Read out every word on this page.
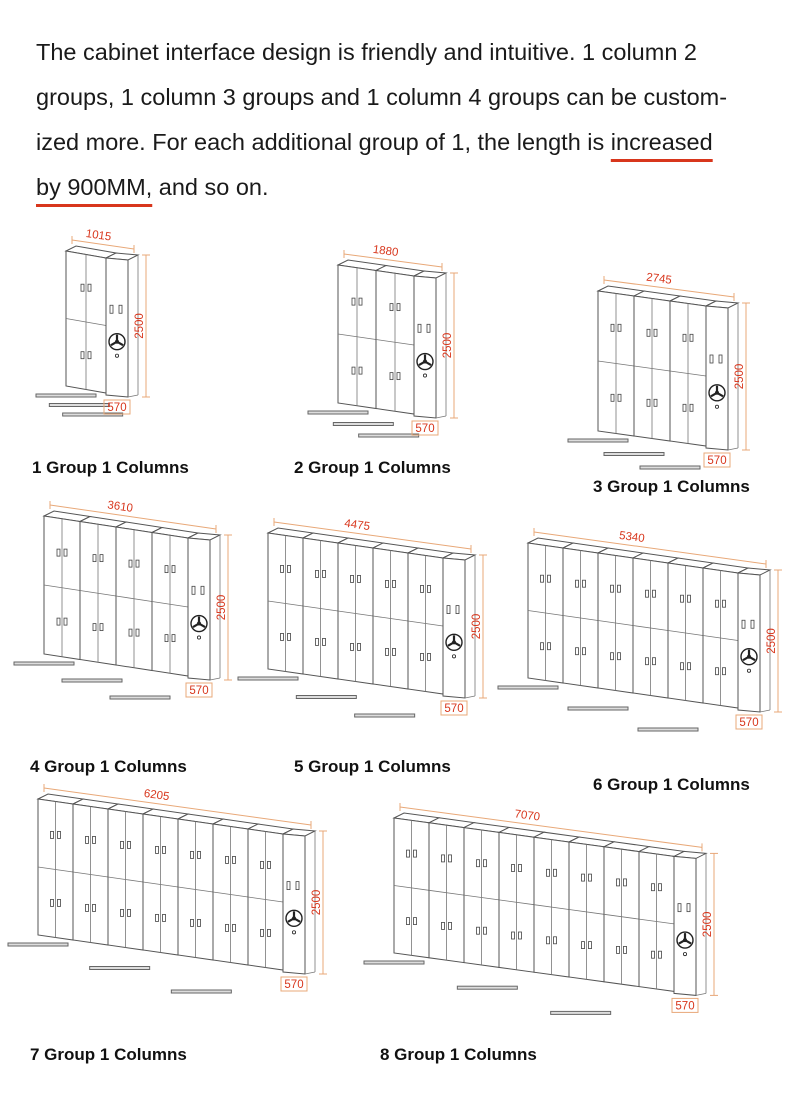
The cabinet interface design is friendly and intuitive. 1 column 2
groups, 1 column 3 groups and 1 column 4 groups can be custom-
ized more. For each additional group of 1, the length is increased
by 900MM, and so on.

1015
2500
570
1 Group 1 Columns
1880
2500
570
2 Group 1 Columns
2745
2500
570
3 Group 1 Columns
3610
2500
570
4 Group 1 Columns
4475
2500
570
5 Group 1 Columns
5340
2500
570
6 Group 1 Columns
6205
2500
570
7 Group 1 Columns
7070
2500
570
8 Group 1 Columns
